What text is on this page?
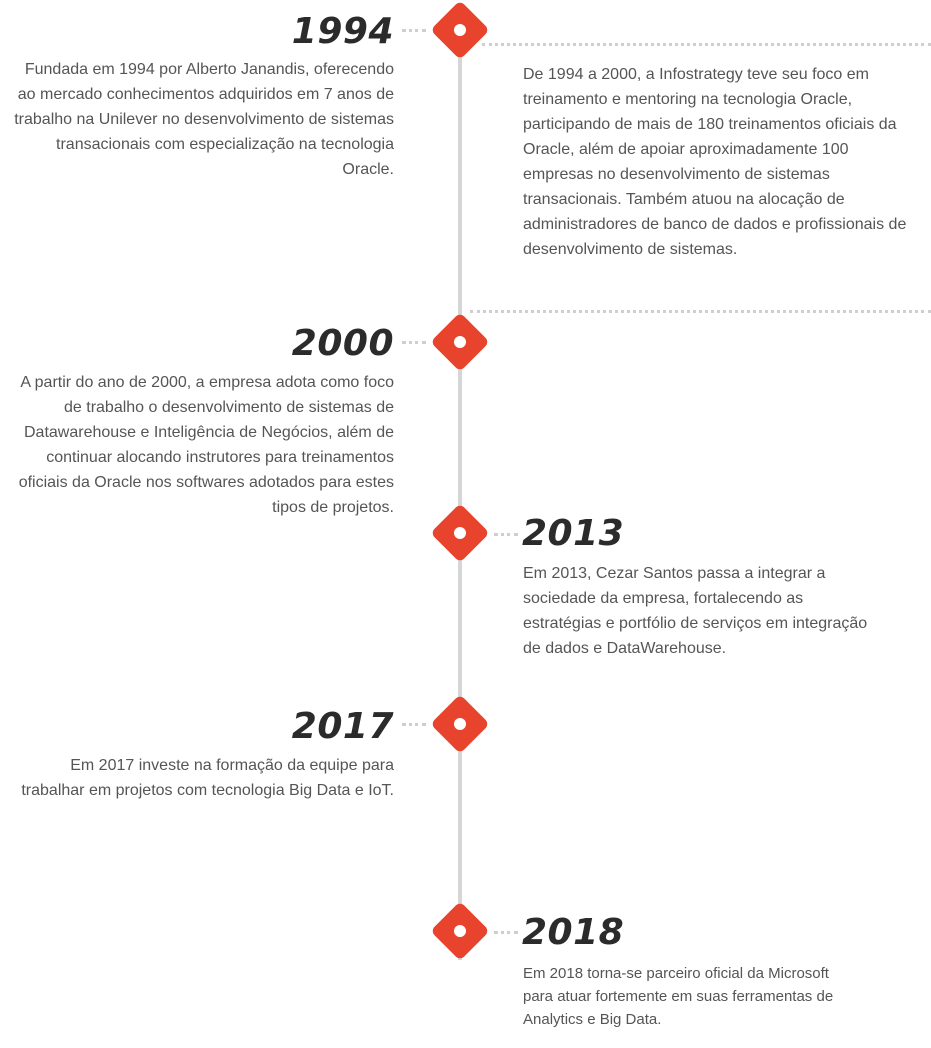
1994
Fundada em 1994 por Alberto Janandis, oferecendo ao mercado conhecimentos adquiridos em 7 anos de trabalho na Unilever no desenvolvimento de sistemas transacionais com especialização na tecnologia Oracle.
De 1994 a 2000, a Infostrategy teve seu foco em treinamento e mentoring na tecnologia Oracle, participando de mais de 180 treinamentos oficiais da Oracle, além de apoiar aproximadamente 100 empresas no desenvolvimento de sistemas transacionais. Também atuou na alocação de administradores de banco de dados e profissionais de desenvolvimento de sistemas.
2000
A partir do ano de 2000, a empresa adota como foco de trabalho o desenvolvimento de sistemas de Datawarehouse e Inteligência de Negócios, além de continuar alocando instrutores para treinamentos oficiais da Oracle nos softwares adotados para estes tipos de projetos.
2013
Em 2013, Cezar Santos passa a integrar a sociedade da empresa, fortalecendo as estratégias e portfólio de serviços em integração de dados e DataWarehouse.
2017
Em 2017 investe na formação da equipe para trabalhar em projetos com tecnologia Big Data e IoT.
2018
Em 2018 torna-se parceiro oficial da Microsoft para atuar fortemente em suas ferramentas de Analytics e Big Data.
